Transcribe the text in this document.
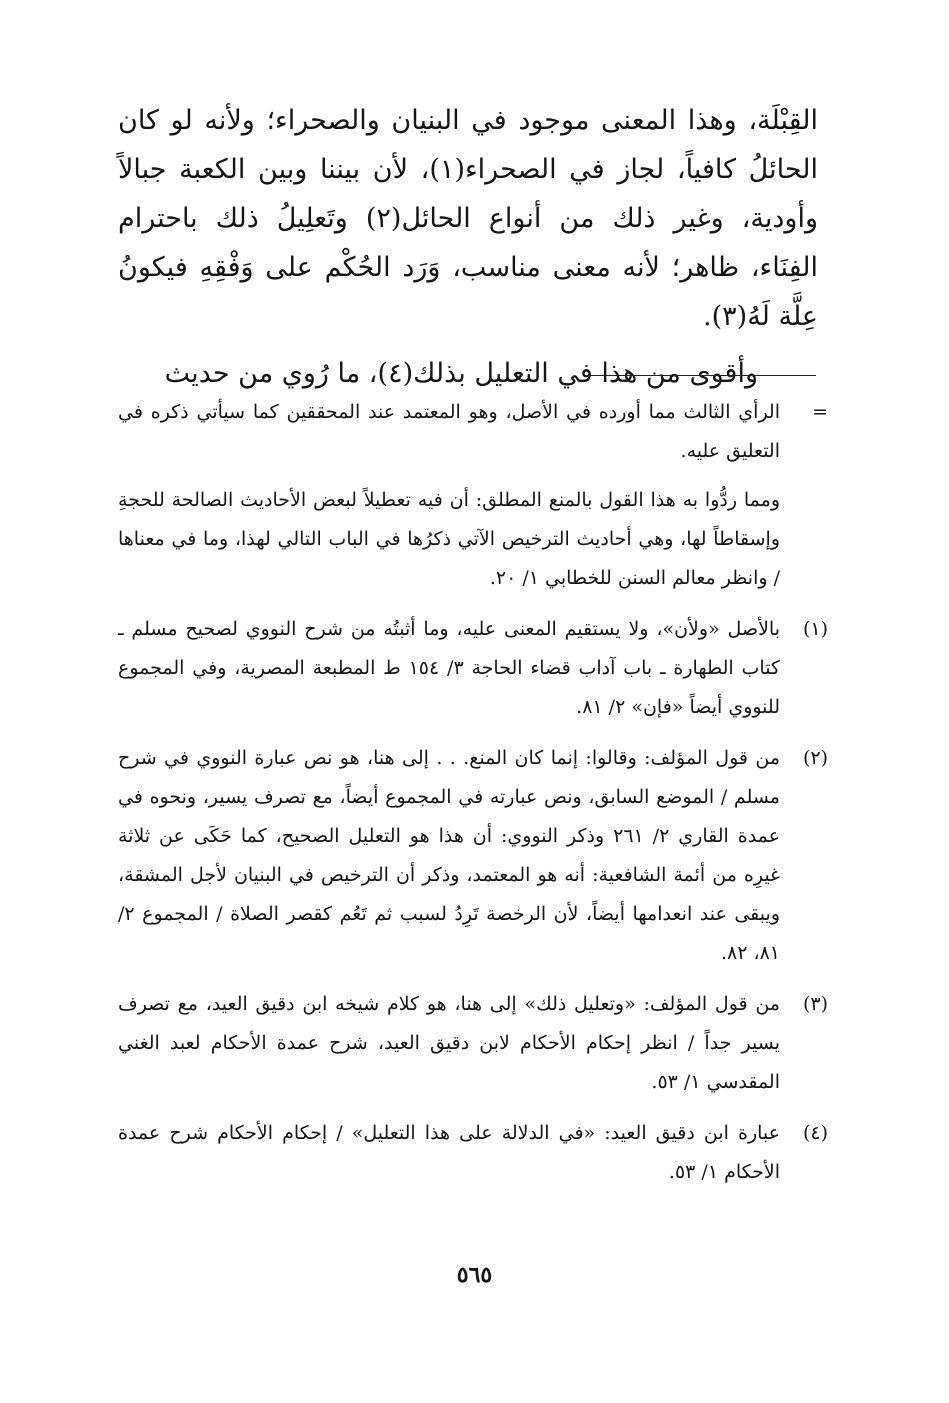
القِبْلَة، وهذا المعنى موجود في البنيان والصحراء؛ ولأنه لو كان الحائلُ كافياً، لجاز في الصحراء(١)، لأن بيننا وبين الكعبة جبالاً وأودية، وغير ذلك من أنواع الحائل(٢) وتَعلِيلُ ذلك باحترام الفِنَاء، ظاهر؛ لأنه معنى مناسب، وَرَد الحُكْم على وَفْقِهِ فيكونُ عِلَّة لَهُ(٣).

وأقوى من هذا في التعليل بذلك(٤)، ما رُوي من حديث

=
الرأي الثالث مما أورده في الأصل، وهو المعتمد عند المحققين كما سيأتي ذكره في التعليق عليه.
ومما ردُّوا به هذا القول بالمنع المطلق: أن فيه تعطيلاً لبعض الأحاديث الصالحة للحجةِ وإسقاطاً لها، وهي أحاديث الترخيص الآتي ذكرُها في الباب التالي لهذا، وما في معناها / وانظر معالم السنن للخطابي ١/ ٢٠.
(١)
بالأصل «ولأن»، ولا يستقيم المعنى عليه، وما أثبتُه من شرح النووي لصحيح مسلم ـ كتاب الطهارة ـ باب آداب قضاء الحاجة ٣/ ١٥٤ ط المطبعة المصرية، وفي المجموع للنووي أيضاً «فإن» ٢/ ٨١.
(٢)
من قول المؤلف: وقالوا: إنما كان المنع. . . إلى هنا، هو نص عبارة النووي في شرح مسلم / الموضع السابق، ونص عبارته في المجموع أيضاً، مع تصرف يسير، ونحوه في عمدة القاري ٢/ ٢٦١ وذكر النووي: أن هذا هو التعليل الصحيح، كما حَكَى عن ثلاثة غيرِه من أئمة الشافعية: أنه هو المعتمد، وذكر أن الترخيص في البنيان لأجل المشقة، ويبقى عند انعدامها أيضاً، لأن الرخصة تَرِدُ لسبب ثم تَعُم كقصر الصلاة / المجموع ٢/ ٨١، ٨٢.
(٣)
من قول المؤلف: «وتعليل ذلك» إلى هنا، هو كلام شيخه ابن دقيق العيد، مع تصرف يسير جداً / انظر إحكام الأحكام لابن دقيق العيد، شرح عمدة الأحكام لعبد الغني المقدسي ١/ ٥٣.
(٤)
عبارة ابن دقيق العيد: «في الدلالة على هذا التعليل» / إحكام الأحكام شرح عمدة الأحكام ١/ ٥٣.
٥٦٥
